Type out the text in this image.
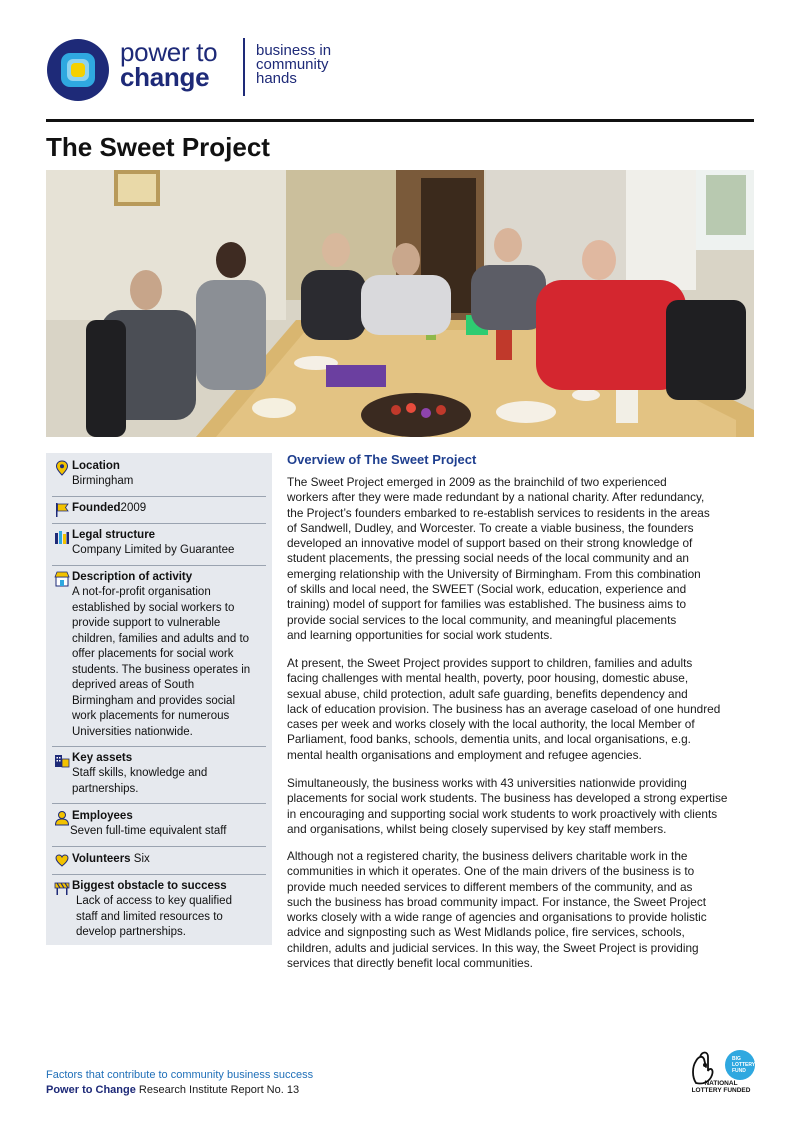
power to
change
business in
community
hands
The Sweet Project
Location
Birmingham
Founded2009
Legal structure
Company Limited by Guarantee
Description of activity
A not-for-profit organisation
established by social workers to
provide support to vulnerable
children, families and adults and to
offer placements for social work
students. The business operates in
deprived areas of South
Birmingham and provides social
work placements for numerous
Universities nationwide.
Key assets
Staff skills, knowledge and
partnerships.
Employees
Seven full-time equivalent staff
Volunteers Six
Biggest obstacle to success
Lack of access to key qualified
staff and limited resources to
develop partnerships.
Overview of The Sweet Project
The Sweet Project emerged in 2009 as the brainchild of two experienced
workers after they were made redundant by a national charity. After redundancy,
the Project’s founders embarked to re-establish services to residents in the areas
of Sandwell, Dudley, and Worcester. To create a viable business, the founders
developed an innovative model of support based on their strong knowledge of
student placements, the pressing social needs of the local community and an
emerging relationship with the University of Birmingham. From this combination
of skills and local need, the SWEET (Social work, education, experience and
training) model of support for families was established. The business aims to
provide social services to the local community, and meaningful placements
and learning opportunities for social work students.
At present, the Sweet Project provides support to children, families and adults
facing challenges with mental health, poverty, poor housing, domestic abuse,
sexual abuse, child protection, adult safe guarding, benefits dependency and
lack of education provision. The business has an average caseload of one hundred
cases per week and works closely with the local authority, the local Member of
Parliament, food banks, schools, dementia units, and local organisations, e.g.
mental health organisations and employment and refugee agencies.
Simultaneously, the business works with 43 universities nationwide providing
placements for social work students. The business has developed a strong expertise
in encouraging and supporting social work students to work proactively with clients
and organisations, whilst being closely supervised by key staff members.
Although not a registered charity, the business delivers charitable work in the
communities in which it operates. One of the main drivers of the business is to
provide much needed services to different members of the community, and as
such the business has broad community impact. For instance, the Sweet Project
works closely with a wide range of agencies and organisations to provide holistic
advice and signposting such as West Midlands police, fire services, schools,
children, adults and judicial services. In this way, the Sweet Project is providing
services that directly benefit local communities.
Factors that contribute to community business success
Power to Change Research Institute Report No. 13
BIG
LOTTERY
FUND
NATIONAL
LOTTERY FUNDED
